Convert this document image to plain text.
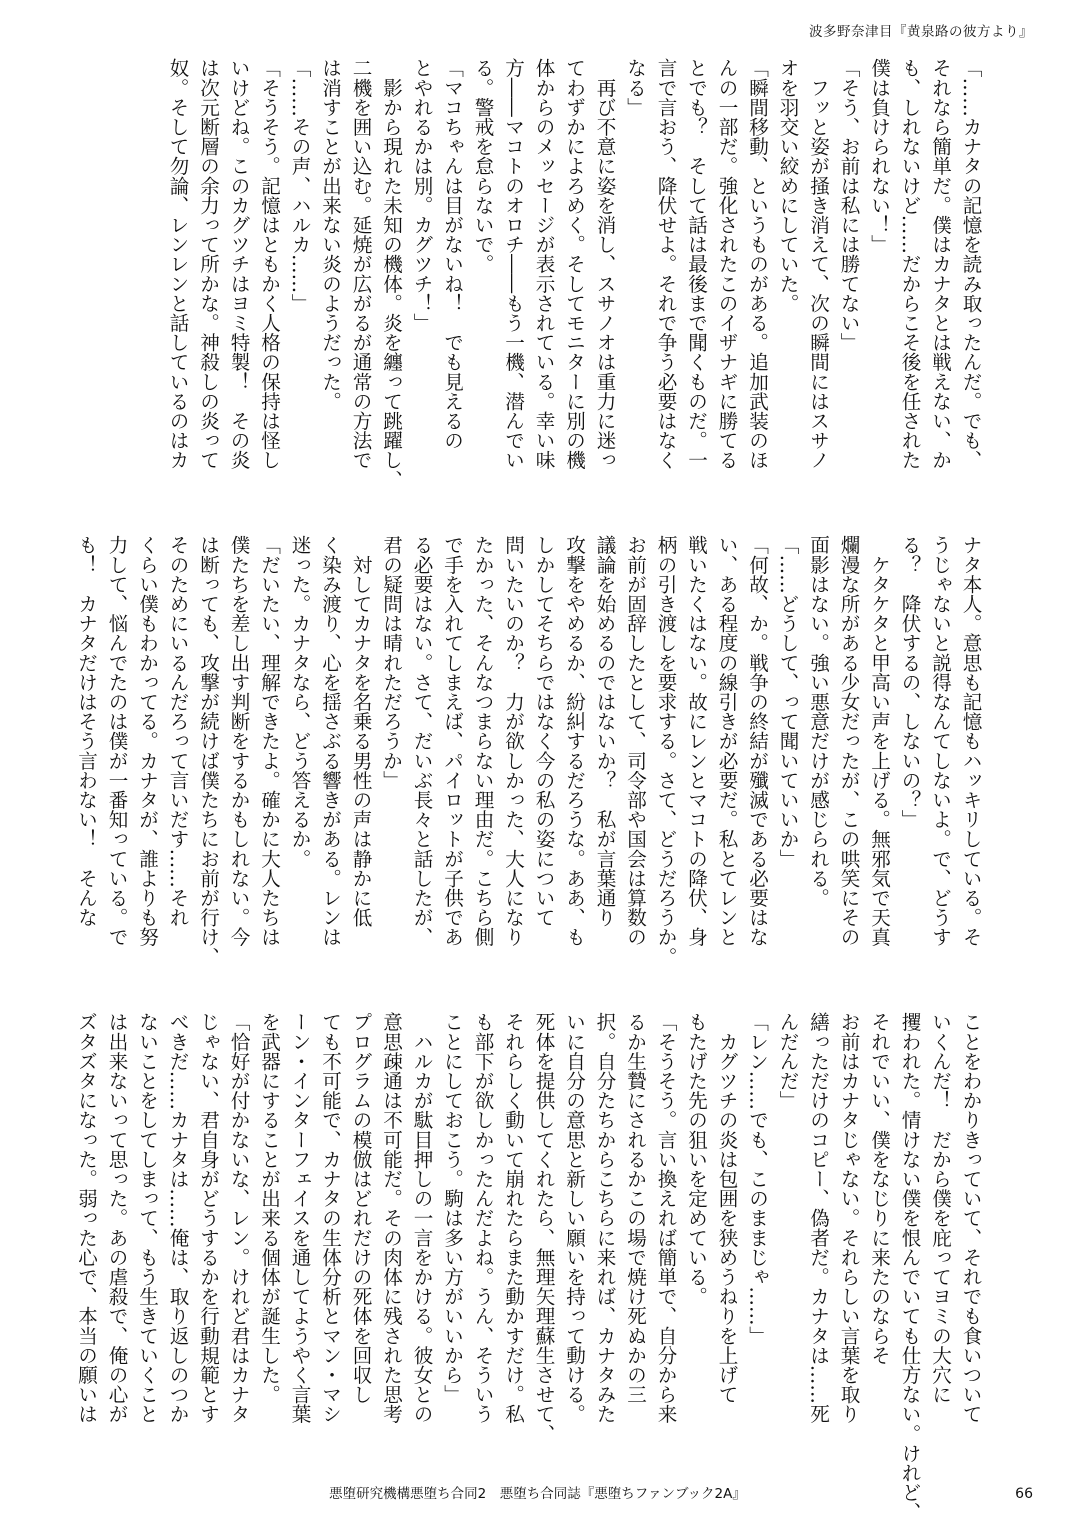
波多野奈津目『黄泉路の彼方より』
「……カナタの記憶を読み取ったんだ。でも、
それなら簡単だ。僕はカナタとは戦えない、か
も、しれないけど……だからこそ後を任された
僕は負けられない！」
「そう、お前は私には勝てない」
　フッと姿が掻き消えて、次の瞬間にはスサノ
オを羽交い絞めにしていた。
「瞬間移動、というものがある。追加武装のほ
んの一部だ。強化されたこのイザナギに勝てる
とでも？　そして話は最後まで聞くものだ。一
言で言おう、降伏せよ。それで争う必要はなく
なる」
　再び不意に姿を消し、スサノオは重力に迷っ
てわずかによろめく。そしてモニターに別の機
体からのメッセージが表示されている。幸い味
方――マコトのオロチ――もう一機、潜んでい
る。警戒を怠らないで。
「マコちゃんは目がないね！　でも見えるの
とやれるかは別。カグツチ！」
　影から現れた未知の機体。炎を纏って跳躍し、
二機を囲い込む。延焼が広がるが通常の方法で
は消すことが出来ない炎のようだった。
「……その声、ハルカ……」
「そうそう。記憶はともかく人格の保持は怪し
いけどね。このカグツチはヨミ特製！　その炎
は次元断層の余力って所かな。神殺しの炎って
奴。そして勿論、レンレンと話しているのはカ
ナタ本人。意思も記憶もハッキリしている。そ
うじゃないと説得なんてしないよ。で、どうす
る？　降伏するの、しないの？」
　ケタケタと甲高い声を上げる。無邪気で天真
爛漫な所がある少女だったが、この哄笑にその
面影はない。強い悪意だけが感じられる。
「……どうして、って聞いていいか」
「何故、か。戦争の終結が殲滅である必要はな
い、ある程度の線引きが必要だ。私とてレンと
戦いたくはない。故にレンとマコトの降伏、身
柄の引き渡しを要求する。さて、どうだろうか。
お前が固辞したとして、司令部や国会は算数の
議論を始めるのではないか？　私が言葉通り
攻撃をやめるか、紛糾するだろうな。ああ、も
しかしてそちらではなく今の私の姿について
問いたいのか？　力が欲しかった、大人になり
たかった、そんなつまらない理由だ。こちら側
で手を入れてしまえば、パイロットが子供であ
る必要はない。さて、だいぶ長々と話したが、
君の疑問は晴れただろうか」
　対してカナタを名乗る男性の声は静かに低
く染み渡り、心を揺さぶる響きがある。レンは
迷った。カナタなら、どう答えるか。
「だいたい、理解できたよ。確かに大人たちは
僕たちを差し出す判断をするかもしれない。今
は断っても、攻撃が続けば僕たちにお前が行け、
そのためにいるんだろって言いだす……それ
くらい僕もわかってる。カナタが、誰よりも努
力して、悩んでたのは僕が一番知っている。で
も！　カナタだけはそう言わない！　そんな
ことをわかりきっていて、それでも食いついて
いくんだ！　だから僕を庇ってヨミの大穴に
攫われた。情けない僕を恨んでいても仕方ない。けれど、
それでいい、僕をなじりに来たのならそ
お前はカナタじゃない。それらしい言葉を取り
繕っただけのコピー、偽者だ。カナタは……死
んだんだ」
「レン……でも、このままじゃ……」
　カグツチの炎は包囲を狭めうねりを上げて
もたげた先の狙いを定めている。
「そうそう。言い換えれば簡単で、自分から来
るか生贄にされるかこの場で焼け死ぬかの三
択。自分たちからこちらに来れば、カナタみた
いに自分の意思と新しい願いを持って動ける。
死体を提供してくれたら、無理矢理蘇生させて、
それらしく動いて崩れたらまた動かすだけ。私
も部下が欲しかったんだよね。うん、そういう
ことにしておこう。駒は多い方がいいから」
　ハルカが駄目押しの一言をかける。彼女との
意思疎通は不可能だ。その肉体に残された思考
プログラムの模倣はどれだけの死体を回収し
ても不可能で、カナタの生体分析とマン・マシ
ーン・インターフェイスを通してようやく言葉
を武器にすることが出来る個体が誕生した。
「恰好が付かないな、レン。けれど君はカナタ
じゃない、君自身がどうするかを行動規範とす
べきだ……カナタは……俺は、取り返しのつか
ないことをしてしまって、もう生きていくこと
は出来ないって思った。あの虐殺で、俺の心が
ズタズタになった。弱った心で、本当の願いは
悪堕研究機構悪堕ち合同2　悪堕ち合同誌『悪堕ちファンブック2A』	66
